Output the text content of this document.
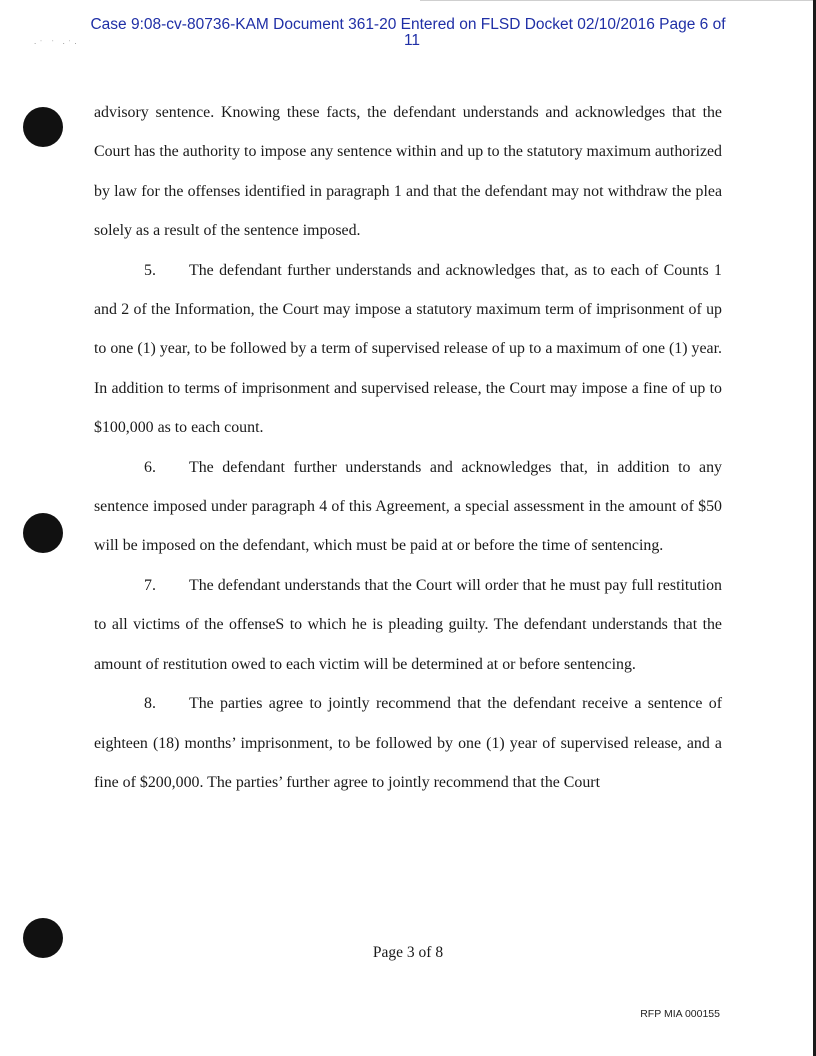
·˙ ˙ ·˙·
Case 9:08-cv-80736-KAM Document 361-20 Entered on FLSD Docket 02/10/2016 Page 6 of
11

advisory sentence. Knowing these facts, the defendant understands and acknowledges that the Court has the authority to impose any sentence within and up to the statutory maximum authorized by law for the offenses identified in paragraph 1 and that the defendant may not withdraw the plea solely as a result of the sentence imposed.

5. The defendant further understands and acknowledges that, as to each of Counts 1 and 2 of the Information, the Court may impose a statutory maximum term of imprisonment of up to one (1) year, to be followed by a term of supervised release of up to a maximum of one (1) year. In addition to terms of imprisonment and supervised release, the Court may impose a fine of up to $100,000 as to each count.

6. The defendant further understands and acknowledges that, in addition to any sentence imposed under paragraph 4 of this Agreement, a special assessment in the amount of $50 will be imposed on the defendant, which must be paid at or before the time of sentencing.

7. The defendant understands that the Court will order that he must pay full restitution to all victims of the offenseS to which he is pleading guilty. The defendant understands that the amount of restitution owed to each victim will be determined at or before sentencing.

8. The parties agree to jointly recommend that the defendant receive a sentence of eighteen (18) months’ imprisonment, to be followed by one (1) year of supervised release, and a fine of $200,000. The parties’ further agree to jointly recommend that the Court

Page 3 of 8
RFP MIA 000155
